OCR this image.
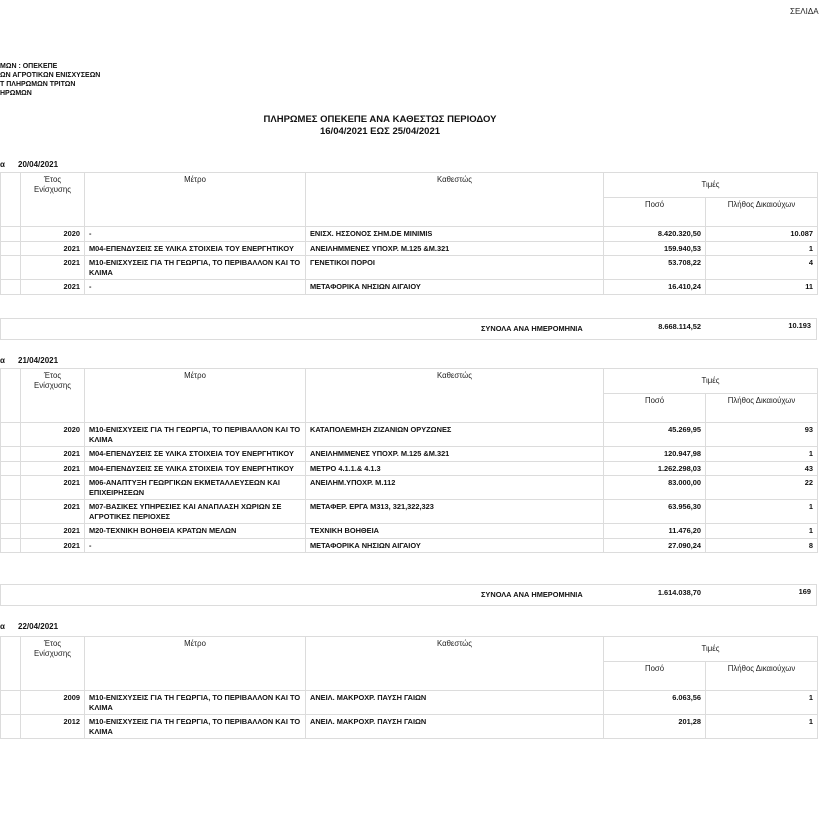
ΣΕΛΙΔΑ
ΜΩΝ : ΟΠΕΚΕΠΕ
ΩΝ ΑΓΡΟΤΙΚΩΝ ΕΝΙΣΧΥΣΕΩΝ
Τ ΠΛΗΡΩΜΩΝ ΤΡΙΤΩΝ
ΗΡΩΜΩΝ
ΠΛΗΡΩΜΕΣ ΟΠΕΚΕΠΕ ΑΝΑ ΚΑΘΕΣΤΩΣ ΠΕΡΙΟΔΟΥ
16/04/2021 ΕΩΣ 25/04/2021
α 20/04/2021
	Έτος Ενίσχυσης	Μέτρο	Καθεστώς	Τιμές	
				Ποσό	Πλήθος Δικαιούχων
	2020	-	ΕΝΙΣΧ. ΗΣΣΟΝΟΣ ΣΗΜ.DE MINIMIS	8.420.320,50	10.087
	2021	Μ04-ΕΠΕΝΔΥΣΕΙΣ ΣΕ ΥΛΙΚΑ ΣΤΟΙΧΕΙΑ ΤΟΥ ΕΝΕΡΓΗΤΙΚΟΥ	ΑΝΕΙΛΗΜΜΕΝΕΣ ΥΠΟΧΡ. Μ.125 &Μ.321	159.940,53	1
	2021	Μ10-ΕΝΙΣΧΥΣΕΙΣ ΓΙΑ ΤΗ ΓΕΩΡΓΙΑ, ΤΟ ΠΕΡΙΒΑΛΛΟΝ ΚΑΙ ΤΟ ΚΛΙΜΑ	ΓΕΝΕΤΙΚΟΙ ΠΟΡΟΙ	53.708,22	4
	2021	-	ΜΕΤΑΦΟΡΙΚΑ ΝΗΣΙΩΝ ΑΙΓΑΙΟΥ	16.410,24	11
ΣΥΝΟΛΑ ΑΝΑ ΗΜΕΡΟΜΗΝΙΑ	8.668.114,52	10.193
α 21/04/2021
	Έτος Ενίσχυσης	Μέτρο	Καθεστώς	Τιμές	
				Ποσό	Πλήθος Δικαιούχων
	2020	Μ10-ΕΝΙΣΧΥΣΕΙΣ ΓΙΑ ΤΗ ΓΕΩΡΓΙΑ, ΤΟ ΠΕΡΙΒΑΛΛΟΝ ΚΑΙ ΤΟ ΚΛΙΜΑ	ΚΑΤΑΠΟΛΕΜΗΣΗ ΖΙΖΑΝΙΩΝ ΟΡΥΖΩΝΕΣ	45.269,95	93
	2021	Μ04-ΕΠΕΝΔΥΣΕΙΣ ΣΕ ΥΛΙΚΑ ΣΤΟΙΧΕΙΑ ΤΟΥ ΕΝΕΡΓΗΤΙΚΟΥ	ΑΝΕΙΛΗΜΜΕΝΕΣ ΥΠΟΧΡ. Μ.125 &Μ.321	120.947,98	1
	2021	Μ04-ΕΠΕΝΔΥΣΕΙΣ ΣΕ ΥΛΙΚΑ ΣΤΟΙΧΕΙΑ ΤΟΥ ΕΝΕΡΓΗΤΙΚΟΥ	ΜΕΤΡΟ 4.1.1.& 4.1.3	1.262.298,03	43
	2021	Μ06-ΑΝΑΠΤΥΞΗ ΓΕΩΡΓΙΚΩΝ ΕΚΜΕΤΑΛΛΕΥΣΕΩΝ ΚΑΙ ΕΠΙΧΕΙΡΗΣΕΩΝ	ΑΝΕΙΛΗΜ.ΥΠΟΧΡ. Μ.112	83.000,00	22
	2021	Μ07-ΒΑΣΙΚΕΣ ΥΠΗΡΕΣΙΕΣ ΚΑΙ ΑΝΑΠΛΑΣΗ ΧΩΡΙΩΝ ΣΕ ΑΓΡΟΤΙΚΕΣ ΠΕΡΙΟΧΕΣ	ΜΕΤΑΦΕΡ. ΕΡΓΑ Μ313, 321,322,323	63.956,30	1
	2021	Μ20-ΤΕΧΝΙΚΗ ΒΟΗΘΕΙΑ ΚΡΑΤΩΝ ΜΕΛΩΝ	ΤΕΧΝΙΚΗ ΒΟΗΘΕΙΑ	11.476,20	1
	2021	-	ΜΕΤΑΦΟΡΙΚΑ ΝΗΣΙΩΝ ΑΙΓΑΙΟΥ	27.090,24	8
ΣΥΝΟΛΑ ΑΝΑ ΗΜΕΡΟΜΗΝΙΑ	1.614.038,70	169
α 22/04/2021
	Έτος Ενίσχυσης	Μέτρο	Καθεστώς	Τιμές	
				Ποσό	Πλήθος Δικαιούχων
	2009	Μ10-ΕΝΙΣΧΥΣΕΙΣ ΓΙΑ ΤΗ ΓΕΩΡΓΙΑ, ΤΟ ΠΕΡΙΒΑΛΛΟΝ ΚΑΙ ΤΟ ΚΛΙΜΑ	ΑΝΕΙΛ. ΜΑΚΡΟΧΡ. ΠΑΥΣΗ ΓΑΙΩΝ	6.063,56	1
	2012	Μ10-ΕΝΙΣΧΥΣΕΙΣ ΓΙΑ ΤΗ ΓΕΩΡΓΙΑ, ΤΟ ΠΕΡΙΒΑΛΛΟΝ ΚΑΙ ΤΟ ΚΛΙΜΑ	ΑΝΕΙΛ. ΜΑΚΡΟΧΡ. ΠΑΥΣΗ ΓΑΙΩΝ	201,28	1
